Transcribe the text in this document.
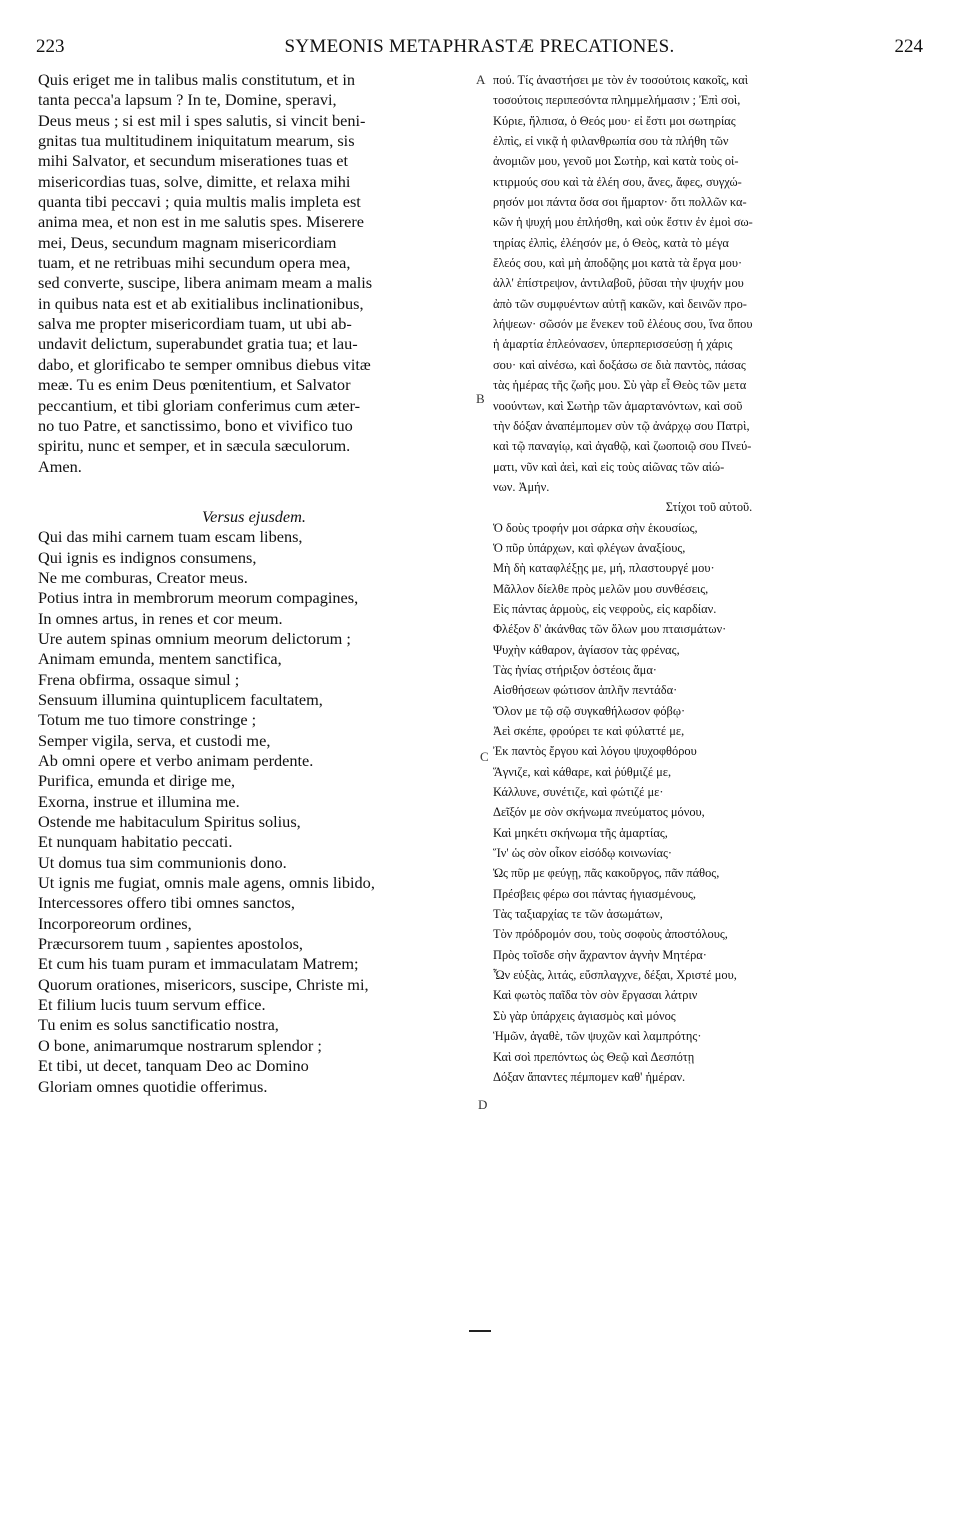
223	SYMEONIS METAPHRASTÆ PRECATIONES.	224
Quis eriget me in talibus malis constitutum, et in
tanta pecca'a lapsum ? In te, Domine, speravi,
Deus meus ; si est mil i spes salutis, si vincit beni-
gnitas tua multitudinem iniquitatum mearum, sis
mihi Salvator, et secundum miserationes tuas et
misericordias tuas, solve, dimitte, et relaxa mihi
quanta tibi peccavi ; quia multis malis impleta est
anima mea, et non est in me salutis spes. Miserere
mei, Deus, secundum magnam misericordiam
tuam, et ne retribuas mihi secundum opera mea,
sed converte, suscipe, libera animam meam a malis
in quibus nata est et ab exitialibus inclinationibus,
salva me propter misericordiam tuam, ut ubi ab-
undavit delictum, superabundet gratia tua; et lau-
dabo, et glorificabo te semper omnibus diebus vitæ
meæ. Tu es enim Deus pœnitentium, et Salvator
peccantium, et tibi gloriam conferimus cum æter-
no tuo Patre, et sanctissimo, bono et vivifico tuo
spiritu, nunc et semper, et in sæcula sæculorum.
Amen.
Versus ejusdem.
Qui das mihi carnem tuam escam libens,
Qui ignis es indignos consumens,
Ne me comburas, Creator meus.
Potius intra in membrorum meorum compagines,
In omnes artus, in renes et cor meum.
Ure autem spinas omnium meorum delictorum ;
Animam emunda, mentem sanctifica,
Frena obfirma, ossaque simul ;
Sensuum illumina quintuplicem facultatem,
Totum me tuo timore constringe ;
Semper vigila, serva, et custodi me,
Ab omni opere et verbo animam perdente.
Purifica, emunda et dirige me,
Exorna, instrue et illumina me.
Ostende me habitaculum Spiritus solius,
Et nunquam habitatio peccati.
Ut domus tua sim communionis dono.
Ut ignis me fugiat, omnis male agens, omnis libido,
Intercessores offero tibi omnes sanctos,
Incorporeorum ordines,
Præcursorem tuum , sapientes apostolos,
Et cum his tuam puram et immaculatam Matrem;
Quorum orationes, misericors, suscipe, Christe mi,
Et filium lucis tuum servum effice.
Tu enim es solus sanctificatio nostra,
O bone, animarumque nostrarum splendor ;
Et tibi, ut decet, tanquam Deo ac Domino
Gloriam omnes quotidie offerimus.
πού. Τίς ἀναστήσει με τὸν ἐν τοσούτοις κακοῖς, καὶ
τοσούτοις περιπεσόντα πλημμελήμασιν ; Ἐπὶ σοὶ,
Κύριε, ἤλπισα, ὁ Θεός μου· εἰ ἔστι μοι σωτηρίας
ἐλπὶς, εἰ νικᾷ ἡ φιλανθρωπία σου τὰ πλήθη τῶν
ἀνομιῶν μου, γενοῦ μοι Σωτὴρ, καὶ κατὰ τοὺς οἰ-
κτιρμούς σου καὶ τὰ ἐλέη σου, ἄνες, ἄφες, συγχώ-
ρησόν μοι πάντα ὅσα σοι ἥμαρτον· ὅτι πολλῶν κα-
κῶν ἡ ψυχή μου ἐπλήσθη, καὶ οὐκ ἔστιν ἐν ἐμοὶ σω-
τηρίας ἐλπὶς, ἐλέησόν με, ὁ Θεὸς, κατὰ τὸ μέγα
ἔλεός σου, καὶ μὴ ἀποδῷης μοι κατὰ τὰ ἔργα μου·
ἀλλ' ἐπίστρεψον, ἀντιλαβοῦ, ῥῦσαι τὴν ψυχήν μου
ἀπὸ τῶν συμφυέντων αὐτῇ κακῶν, καὶ δεινῶν προ-
λήψεων· σῶσόν με ἕνεκεν τοῦ ἐλέους σου, ἵνα ὅπου
ἡ ἁμαρτία ἐπλεόνασεν, ὑπερπερισσεύσῃ ἡ χάρις
σου· καὶ αἰνέσω, καὶ δοξάσω σε διὰ παντὸς, πάσας
τὰς ἡμέρας τῆς ζωῆς μου. Σὺ γὰρ εἶ Θεὸς τῶν μετα
νοούντων, καὶ Σωτὴρ τῶν ἁμαρτανόντων, καὶ σοῦ
τὴν δόξαν ἀναπέμπομεν σὺν τῷ ἀνάρχῳ σου Πατρὶ,
καὶ τῷ παναγίῳ, καὶ ἀγαθῷ, καὶ ζωοποιῷ σου Πνεύ-
ματι, νῦν καὶ ἀεὶ, καὶ εἰς τοὺς αἰῶνας τῶν αἰώ-
νων. Ἀμήν.
Στίχοι τοῦ αὐτοῦ.
Ὁ δοὺς τροφήν μοι σάρκα σὴν ἑκουσίως,
Ὁ πῦρ ὑπάρχων, καὶ φλέγων ἀναξίους,
Μὴ δὴ καταφλέξῃς με, μή, πλαστουργέ μου·
Μᾶλλον δίελθε πρὸς μελῶν μου συνθέσεις,
Εἰς πάντας ἁρμοὺς, εἰς νεφροὺς, εἰς καρδίαν.
Φλέξον δ' ἀκάνθας τῶν ὅλων μου πταισμάτων·
Ψυχὴν κάθαρον, ἁγίασον τὰς φρένας,
Τὰς ἠνίας στήριξον ὀστέοις ἅμα·
Αἰσθήσεων φώτισον ἁπλῆν πεντάδα·
Ὅλον με τῷ σῷ συγκαθήλωσον φόβῳ·
Ἀεὶ σκέπε, φρούρει τε καὶ φύλαττέ με,
Ἐκ παντὸς ἔργου καὶ λόγου ψυχοφθόρου
Ἅγνιζε, καὶ κάθαρε, καὶ ῥύθμιζέ με,
Κάλλυνε, συνέτιζε, καὶ φώτιζέ με·
Δεῖξόν με σὸν σκήνωμα πνεύματος μόνου,
Καὶ μηκέτι σκήνωμα τῆς ἁμαρτίας,
Ἵν' ὡς σὸν οἶκον εἰσόδῳ κοινωνίας·
Ὡς πῦρ με φεύγῃ, πᾶς κακοῦργος, πᾶν πάθος,
Πρέσβεις φέρω σοι πάντας ἡγιασμένους,
Τὰς ταξιαρχίας τε τῶν ἀσωμάτων,
Τὸν πρόδρομόν σου, τοὺς σοφοὺς ἀποστόλους,
Πρὸς τοῖσδε σὴν ἄχραντον ἁγνὴν Μητέρα·
Ὧν εὐξὰς, λιτάς, εὔσπλαγχνε, δέξαι, Χριστέ μου,
Καὶ φωτὸς παῖδα τὸν σὸν ἔργασαι λάτριν
Σὺ γὰρ ὑπάρχεις ἁγιασμὸς καὶ μόνος
Ἡμῶν, ἀγαθὲ, τῶν ψυχῶν καὶ λαμπρότης·
Καὶ σοὶ πρεπόντως ὡς Θεῷ καὶ Δεσπότῃ
Δόξαν ἅπαντες πέμπομεν καθ' ἡμέραν.
A
B
C
D
